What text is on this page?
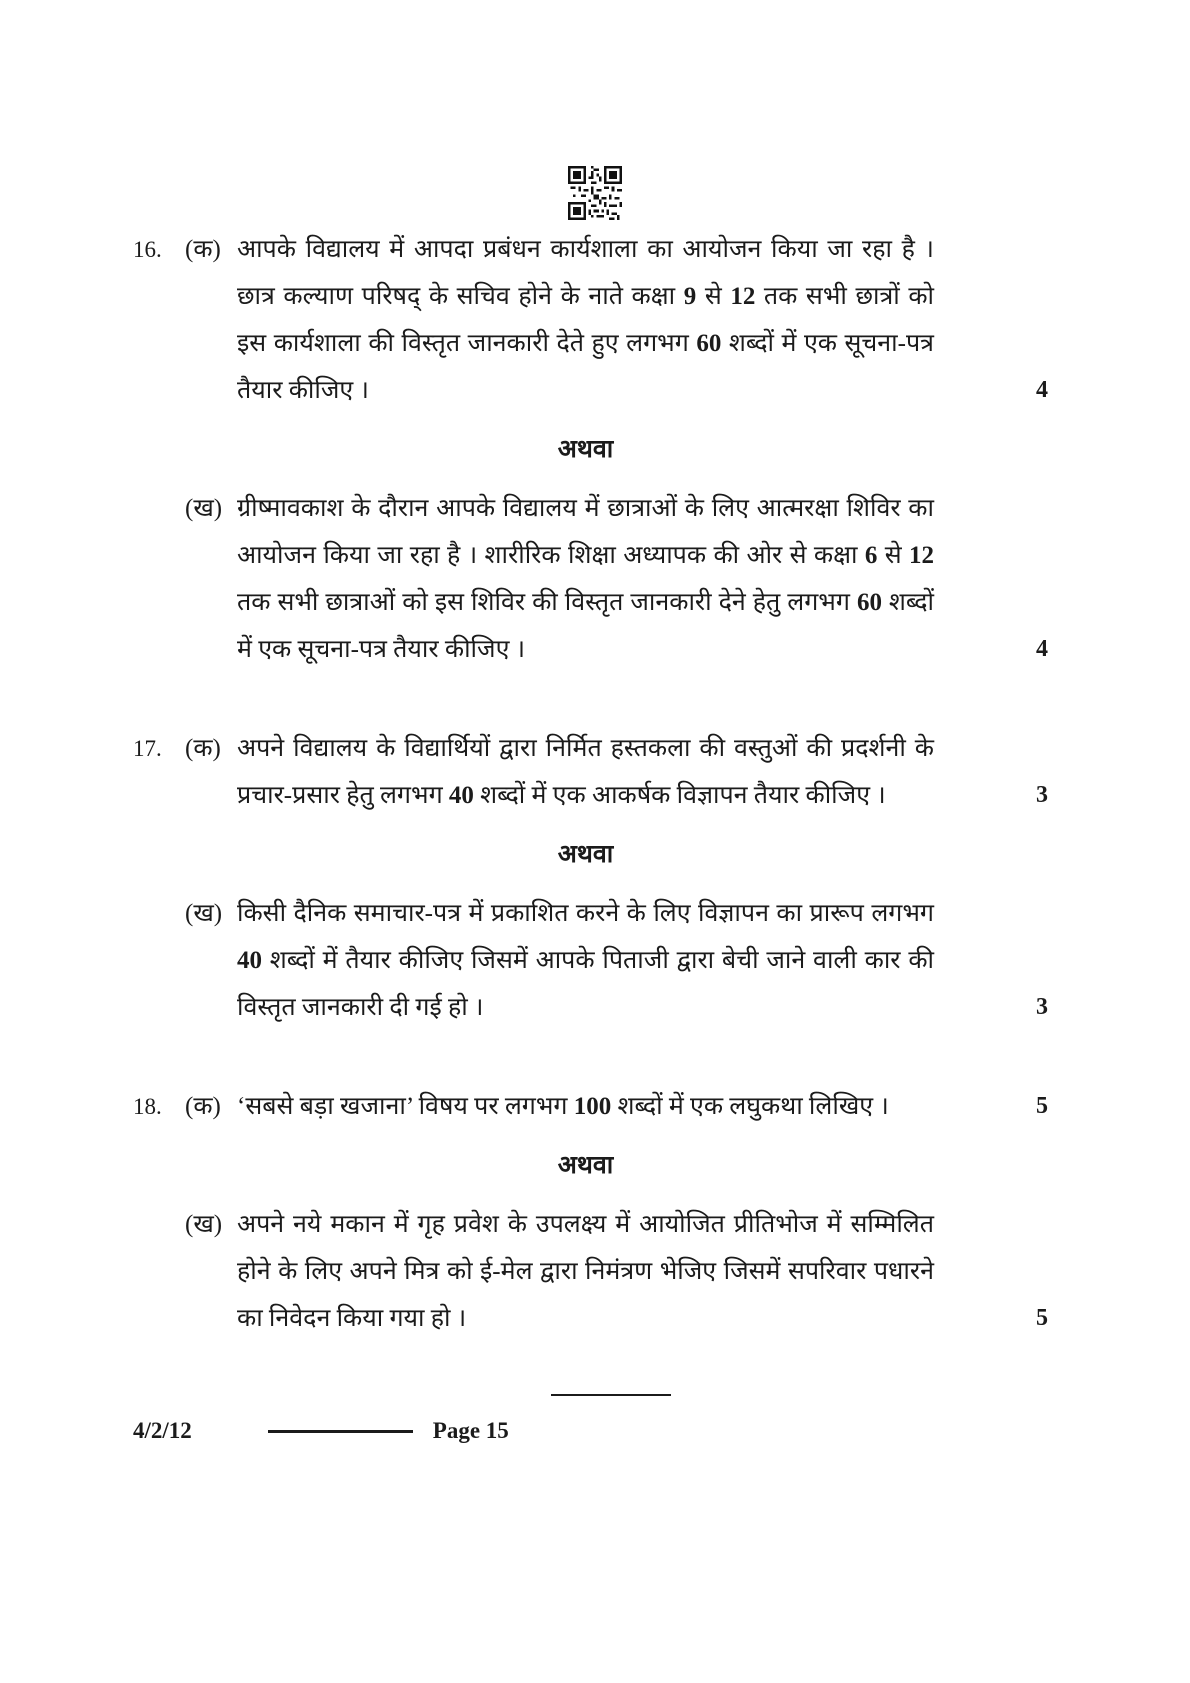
16. (क) आपके विद्यालय में आपदा प्रबंधन कार्यशाला का आयोजन किया जा रहा है । छात्र कल्याण परिषद् के सचिव होने के नाते कक्षा 9 से 12 तक सभी छात्रों को इस कार्यशाला की विस्तृत जानकारी देते हुए लगभग 60 शब्दों में एक सूचना-पत्र तैयार कीजिए ।	4
अथवा
(ख) ग्रीष्मावकाश के दौरान आपके विद्यालय में छात्राओं के लिए आत्मरक्षा शिविर का आयोजन किया जा रहा है । शारीरिक शिक्षा अध्यापक की ओर से कक्षा 6 से 12 तक सभी छात्राओं को इस शिविर की विस्तृत जानकारी देने हेतु लगभग 60 शब्दों में एक सूचना-पत्र तैयार कीजिए ।	4
17. (क) अपने विद्यालय के विद्यार्थियों द्वारा निर्मित हस्तकला की वस्तुओं की प्रदर्शनी के प्रचार-प्रसार हेतु लगभग 40 शब्दों में एक आकर्षक विज्ञापन तैयार कीजिए ।	3
अथवा
(ख) किसी दैनिक समाचार-पत्र में प्रकाशित करने के लिए विज्ञापन का प्रारूप लगभग 40 शब्दों में तैयार कीजिए जिसमें आपके पिताजी द्वारा बेची जाने वाली कार की विस्तृत जानकारी दी गई हो ।	3
18. (क) ‘सबसे बड़ा खजाना’ विषय पर लगभग 100 शब्दों में एक लघुकथा लिखिए ।	5
अथवा
(ख) अपने नये मकान में गृह प्रवेश के उपलक्ष्य में आयोजित प्रीतिभोज में सम्मिलित होने के लिए अपने मित्र को ई-मेल द्वारा निमंत्रण भेजिए जिसमें सपरिवार पधारने का निवेदन किया गया हो ।	5
4/2/12	Page 15
